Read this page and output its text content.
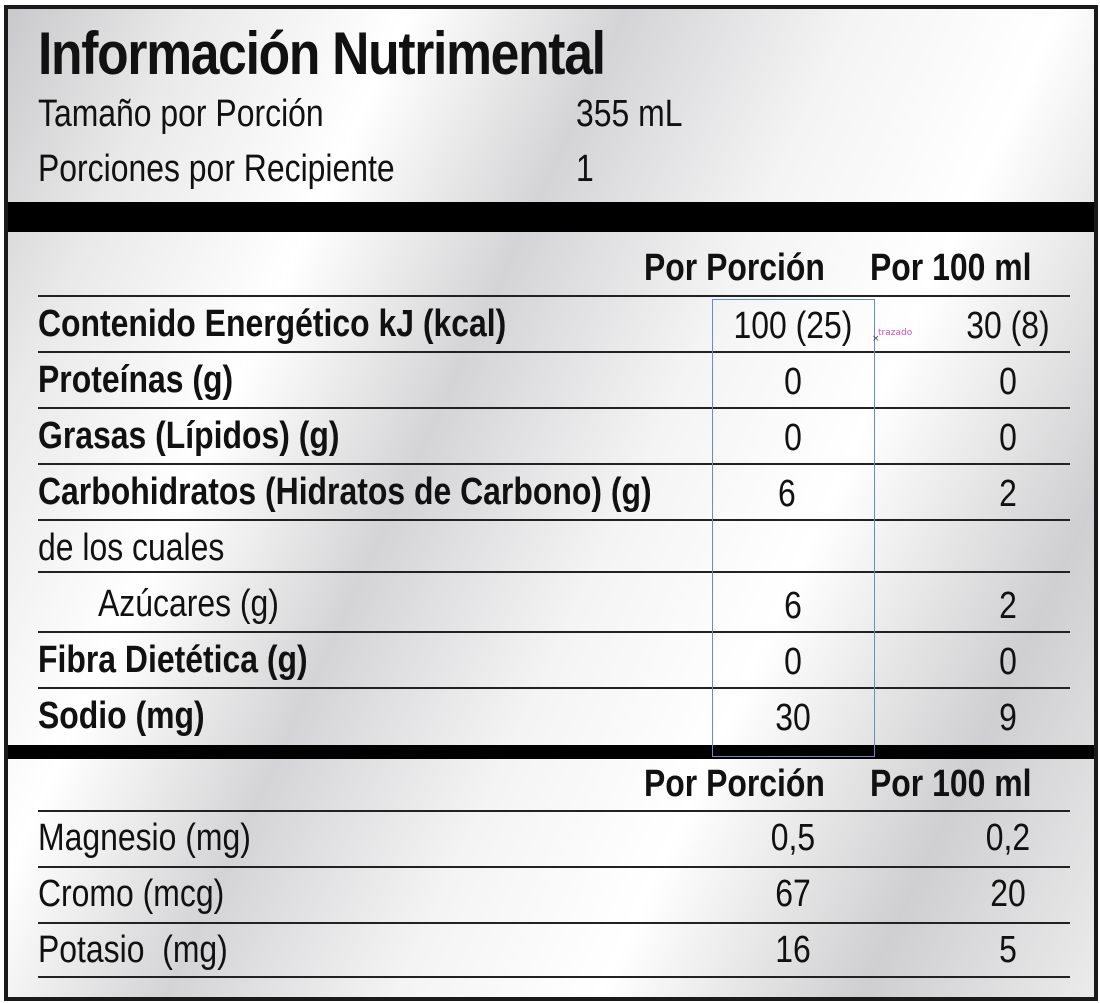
Información Nutrimental
Tamaño por Porción	355 mL
Porciones por Recipiente	1
Por Porción Por 100 ml
Contenido Energético kJ (kcal)	100 (25)	30 (8)
Proteínas (g)	0	0
Grasas (Lípidos) (g)	0	0
Carbohidratos (Hidratos de Carbono) (g)	6	2
de los cuales
Azúcares (g)	6	2
Fibra Dietética (g)	0	0
Sodio (mg)	30	9
Por Porción Por 100 ml
Magnesio (mg)	0,5	0,2
Cromo (mcg)	67	20
Potasio  (mg)	16	5
×
trazado
